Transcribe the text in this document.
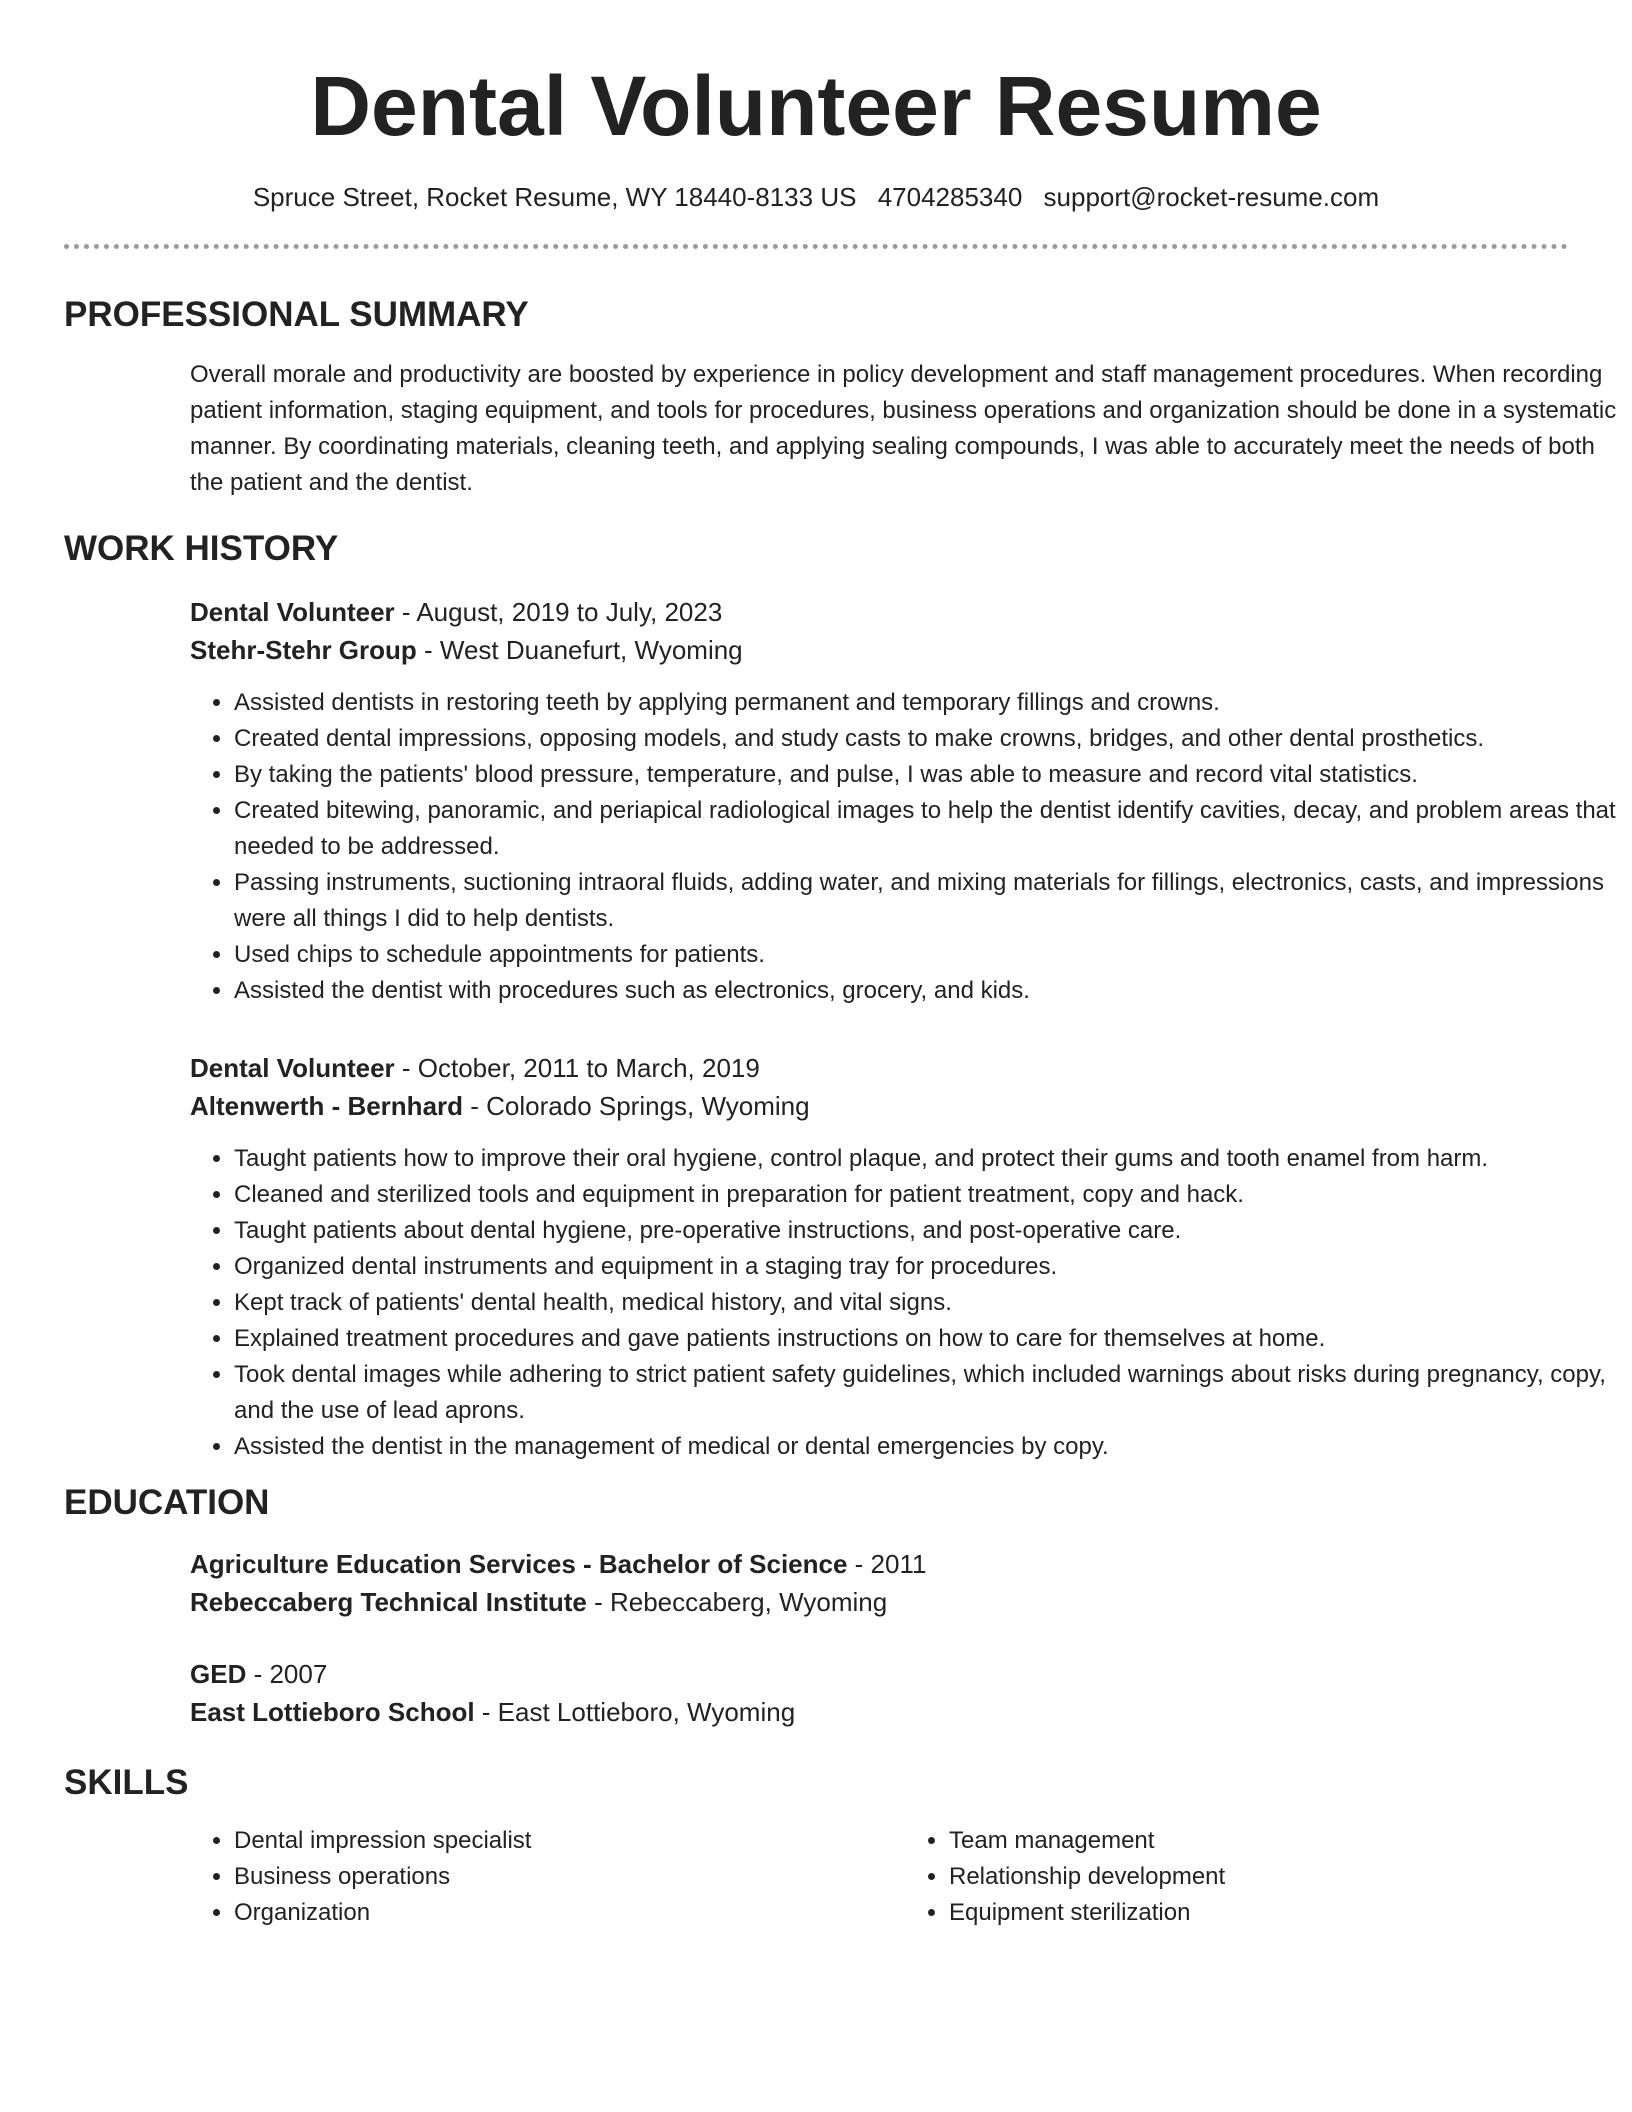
Dental Volunteer Resume
Spruce Street, Rocket Resume, WY 18440-8133 US 4704285340 support@rocket-resume.com
PROFESSIONAL SUMMARY
Overall morale and productivity are boosted by experience in policy development and staff management procedures. When recording patient information, staging equipment, and tools for procedures, business operations and organization should be done in a systematic manner. By coordinating materials, cleaning teeth, and applying sealing compounds, I was able to accurately meet the needs of both the patient and the dentist.
WORK HISTORY
Dental Volunteer - August, 2019 to July, 2023
Stehr-Stehr Group - West Duanefurt, Wyoming
• Assisted dentists in restoring teeth by applying permanent and temporary fillings and crowns.
• Created dental impressions, opposing models, and study casts to make crowns, bridges, and other dental prosthetics.
• By taking the patients' blood pressure, temperature, and pulse, I was able to measure and record vital statistics.
• Created bitewing, panoramic, and periapical radiological images to help the dentist identify cavities, decay, and problem areas that needed to be addressed.
• Passing instruments, suctioning intraoral fluids, adding water, and mixing materials for fillings, electronics, casts, and impressions were all things I did to help dentists.
• Used chips to schedule appointments for patients.
• Assisted the dentist with procedures such as electronics, grocery, and kids.
Dental Volunteer - October, 2011 to March, 2019
Altenwerth - Bernhard - Colorado Springs, Wyoming
• Taught patients how to improve their oral hygiene, control plaque, and protect their gums and tooth enamel from harm.
• Cleaned and sterilized tools and equipment in preparation for patient treatment, copy and hack.
• Taught patients about dental hygiene, pre-operative instructions, and post-operative care.
• Organized dental instruments and equipment in a staging tray for procedures.
• Kept track of patients' dental health, medical history, and vital signs.
• Explained treatment procedures and gave patients instructions on how to care for themselves at home.
• Took dental images while adhering to strict patient safety guidelines, which included warnings about risks during pregnancy, copy, and the use of lead aprons.
• Assisted the dentist in the management of medical or dental emergencies by copy.
EDUCATION
Agriculture Education Services - Bachelor of Science - 2011
Rebeccaberg Technical Institute - Rebeccaberg, Wyoming
GED - 2007
East Lottieboro School - East Lottieboro, Wyoming
SKILLS
• Dental impression specialist
• Business operations
• Organization
• Team management
• Relationship development
• Equipment sterilization
